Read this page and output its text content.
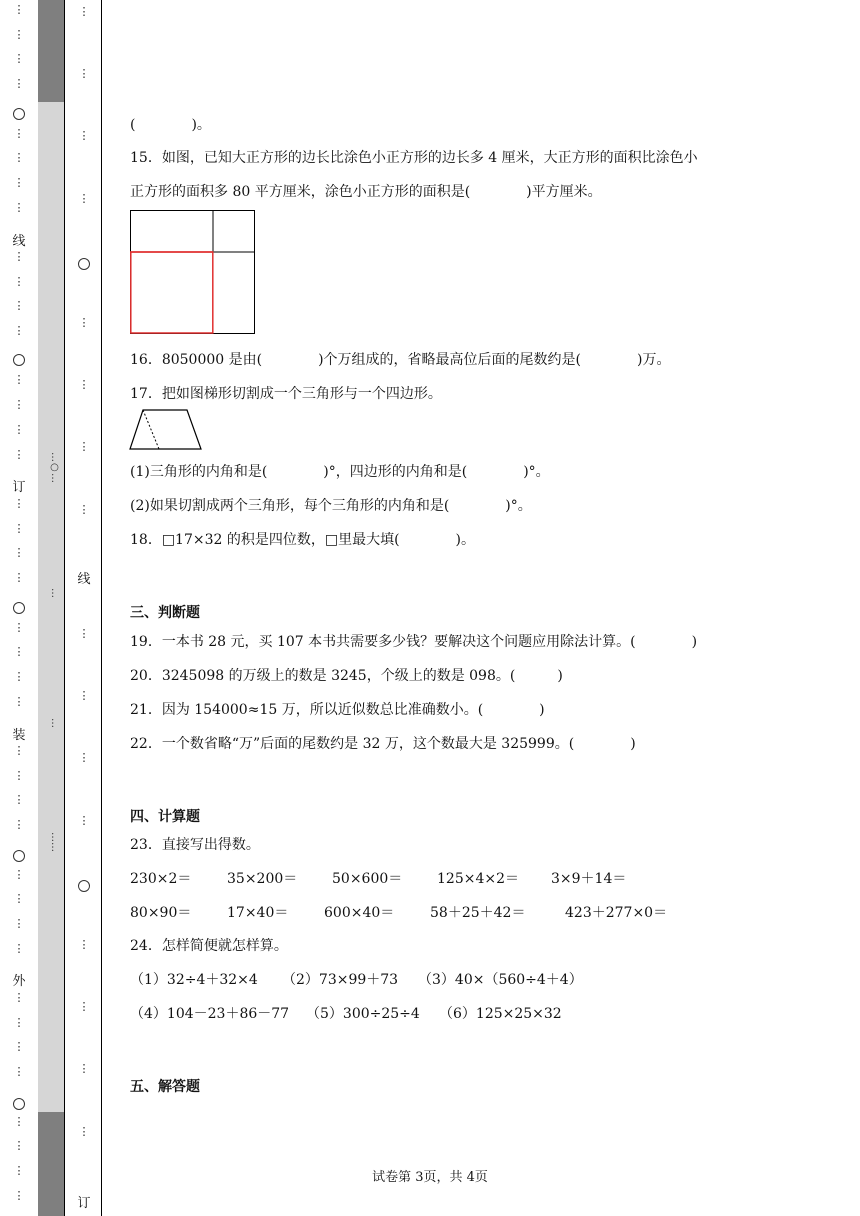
⋮
⋮
⋮
⋮
⋮
⋮
⋮
⋮
⋮
⋮
⋮
⋮
⋮
⋮
⋮
⋮
⋮
⋮
⋮
⋮
⋮
⋮
⋮
⋮
⋮
⋮
⋮
⋮
⋮
⋮
⋮
⋮
⋮
⋮
⋮
⋮
⋮
⋮
⋮
⋮
线
订
装
外
⋮
⋮
⋮
⋮
⋮
⋮
⋮
⋮
⋮
⋮
⋮
⋮
⋮
⋮
⋮
⋮
线
订
…○…
…
…
……
(　　　　)。
15．如图，已知大正方形的边长比涂色小正方形的边长多 4 厘米，大正方形的面积比涂色小
正方形的面积多 80 平方厘米，涂色小正方形的面积是(　　　　)平方厘米。
16．8050000 是由(　　　　)个万组成的，省略最高位后面的尾数约是(　　　　)万。
17．把如图梯形切割成一个三角形与一个四边形。
(1)三角形的内角和是(　　　　)°，四边形的内角和是(　　　　)°。
(2)如果切割成两个三角形，每个三角形的内角和是(　　　　)°。
18．□17×32 的积是四位数，□里最大填(　　　　)。
三、判断题
19．一本书 28 元，买 107 本书共需要多少钱？要解决这个问题应用除法计算。(　　　　)
20．3245098 的万级上的数是 3245，个级上的数是 098。(　　　)
21．因为 154000≈15 万，所以近似数总比准确数小。(　　　　)
22．一个数省略“万”后面的尾数约是 32 万，这个数最大是 325999。(　　　　)
四、计算题
23．直接写出得数。
230×2＝	35×200＝ 50×600＝ 125×4×2＝ 3×9＋14＝
80×90＝	17×40＝	600×40＝	58＋25＋42＝	423＋277×0＝
24．怎样简便就怎样算。
（1）32÷4＋32×4 （2）73×99＋73 （3）40×（560÷4＋4）
（4）104－23＋86－77 （5）300÷25÷4 （6）125×25×32
五、解答题
试卷第 3页，共 4页
